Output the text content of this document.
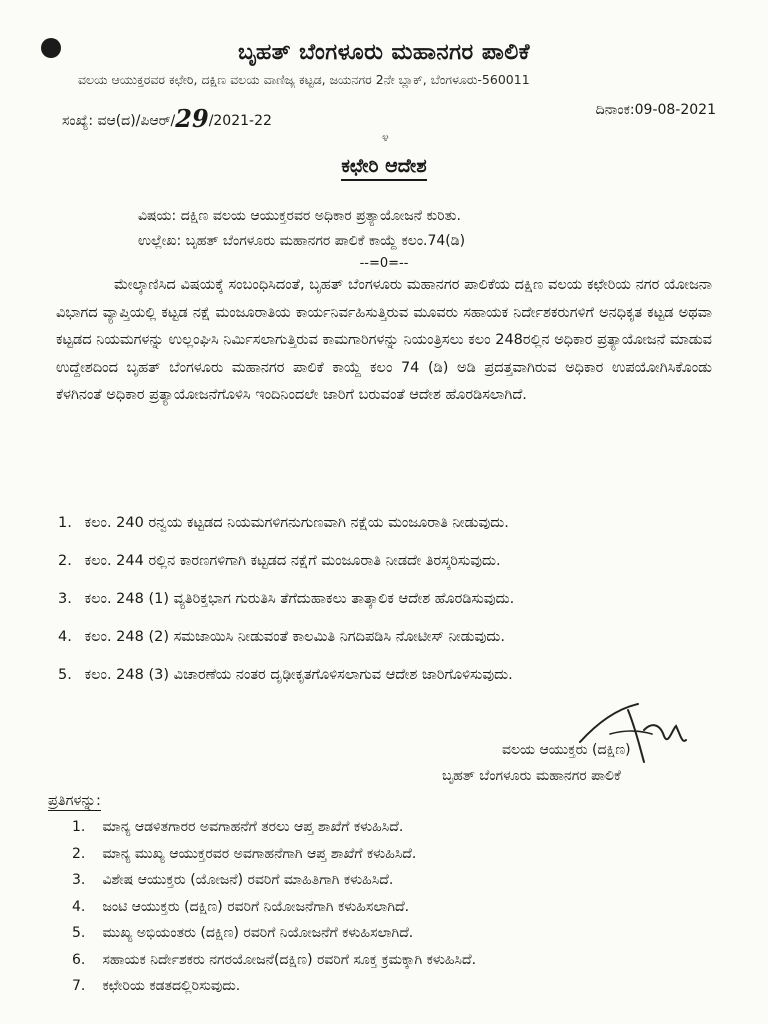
ಬೃಹತ್ ಬೆಂಗಳೂರು ಮಹಾನಗರ ಪಾಲಿಕೆ
ವಲಯ ಆಯುಕ್ತರವರ ಕಛೇರಿ, ದಕ್ಷಿಣ ವಲಯ ವಾಣಿಜ್ಯ ಕಟ್ಟಡ, ಜಯನಗರ 2ನೇ ಬ್ಲಾಕ್, ಬೆಂಗಳೂರು-560011
ಸಂಖ್ಯೆ: ವಆ(ದ)/ಪಿಆರ್/29/2021-22
ದಿನಾಂಕ:09-08-2021
೪
ಕಛೇರಿ ಆದೇಶ
ವಿಷಯ: ದಕ್ಷಿಣ ವಲಯ ಆಯುಕ್ತರವರ ಅಧಿಕಾರ ಪ್ರತ್ಯಾಯೋಜನೆ ಕುರಿತು.
ಉಲ್ಲೇಖ: ಬೃಹತ್ ಬೆಂಗಳೂರು ಮಹಾನಗರ ಪಾಲಿಕೆ ಕಾಯ್ದೆ ಕಲಂ.74(ಡಿ)
--=0=--
ಮೇಲ್ಕಾಣಿಸಿದ ವಿಷಯಕ್ಕೆ ಸಂಬಂಧಿಸಿದಂತೆ, ಬೃಹತ್ ಬೆಂಗಳೂರು ಮಹಾನಗರ ಪಾಲಿಕೆಯ ದಕ್ಷಿಣ ವಲಯ ಕಛೇರಿಯ ನಗರ ಯೋಜನಾ ವಿಭಾಗದ ವ್ಯಾಪ್ತಿಯಲ್ಲಿ ಕಟ್ಟಡ ನಕ್ಷೆ ಮಂಜೂರಾತಿಯ ಕಾರ್ಯನಿರ್ವಹಿಸುತ್ತಿರುವ ಮೂವರು ಸಹಾಯಕ ನಿರ್ದೇಶಕರುಗಳಿಗೆ ಅನಧಿಕೃತ ಕಟ್ಟಡ ಅಥವಾ ಕಟ್ಟಡದ ನಿಯಮಗಳನ್ನು ಉಲ್ಲಂಘಿಸಿ ನಿರ್ಮಿಸಲಾಗುತ್ತಿರುವ ಕಾಮಗಾರಿಗಳನ್ನು ನಿಯಂತ್ರಿಸಲು ಕಲಂ 248ರಲ್ಲಿನ ಅಧಿಕಾರ ಪ್ರತ್ಯಾಯೋಜನೆ ಮಾಡುವ ಉದ್ದೇಶದಿಂದ ಬೃಹತ್ ಬೆಂಗಳೂರು ಮಹಾನಗರ ಪಾಲಿಕೆ ಕಾಯ್ದೆ ಕಲಂ 74 (ಡಿ) ಅಡಿ ಪ್ರದತ್ತವಾಗಿರುವ ಅಧಿಕಾರ ಉಪಯೋಗಿಸಿಕೊಂಡು ಕೆಳಗಿನಂತೆ ಅಧಿಕಾರ ಪ್ರತ್ಯಾಯೋಜನೆಗೊಳಿಸಿ ಇಂದಿನಿಂದಲೇ ಜಾರಿಗೆ ಬರುವಂತೆ ಆದೇಶ ಹೊರಡಿಸಲಾಗಿದೆ.
1. ಕಲಂ. 240 ರನ್ವಯ ಕಟ್ಟಡದ ನಿಯಮಗಳಿಗನುಗುಣವಾಗಿ ನಕ್ಷೆಯ ಮಂಜೂರಾತಿ ನೀಡುವುದು.
2. ಕಲಂ. 244 ರಲ್ಲಿನ ಕಾರಣಗಳಿಗಾಗಿ ಕಟ್ಟಡದ ನಕ್ಷೆಗೆ ಮಂಜೂರಾತಿ ನೀಡದೇ ತಿರಸ್ಕರಿಸುವುದು.
3. ಕಲಂ. 248 (1) ವ್ಯತಿರಿಕ್ತಭಾಗ ಗುರುತಿಸಿ ತೆಗೆದುಹಾಕಲು ತಾತ್ಕಾಲಿಕ ಆದೇಶ ಹೊರಡಿಸುವುದು.
4. ಕಲಂ. 248 (2) ಸಮಜಾಯಿಸಿ ನೀಡುವಂತೆ ಕಾಲಮಿತಿ ನಿಗದಿಪಡಿಸಿ ನೋಟೀಸ್ ನೀಡುವುದು.
5. ಕಲಂ. 248 (3) ವಿಚಾರಣೆಯ ನಂತರ ದೃಢೀಕೃತಗೊಳಿಸಲಾಗುವ ಆದೇಶ ಜಾರಿಗೊಳಿಸುವುದು.
ವಲಯ ಆಯುಕ್ತರು (ದಕ್ಷಿಣ)
ಬೃಹತ್ ಬೆಂಗಳೂರು ಮಹಾನಗರ ಪಾಲಿಕೆ
ಪ್ರತಿಗಳನ್ನು:
1. ಮಾನ್ಯ ಆಡಳಿತಗಾರರ ಅವಗಾಹನೆಗೆ ತರಲು ಆಪ್ತ ಶಾಖೆಗೆ ಕಳುಹಿಸಿದೆ.
2. ಮಾನ್ಯ ಮುಖ್ಯ ಆಯುಕ್ತರವರ ಅವಗಾಹನೆಗಾಗಿ ಆಪ್ತ ಶಾಖೆಗೆ ಕಳುಹಿಸಿದೆ.
3. ವಿಶೇಷ ಆಯುಕ್ತರು (ಯೋಜನೆ) ರವರಿಗೆ ಮಾಹಿತಿಗಾಗಿ ಕಳುಹಿಸಿದೆ.
4. ಜಂಟಿ ಆಯುಕ್ತರು (ದಕ್ಷಿಣ) ರವರಿಗೆ ನಿಯೋಜನೆಗಾಗಿ ಕಳುಹಿಸಲಾಗಿದೆ.
5. ಮುಖ್ಯ ಅಭಿಯಂತರು (ದಕ್ಷಿಣ) ರವರಿಗೆ ನಿಯೋಜನೆಗೆ ಕಳುಹಿಸಲಾಗಿದೆ.
6. ಸಹಾಯಕ ನಿರ್ದೇಶಕರು ನಗರಯೋಜನೆ(ದಕ್ಷಿಣ) ರವರಿಗೆ ಸೂಕ್ತ ಕ್ರಮಕ್ಕಾಗಿ ಕಳುಹಿಸಿದೆ.
7. ಕಛೇರಿಯ ಕಡತದಲ್ಲಿರಿಸುವುದು.
